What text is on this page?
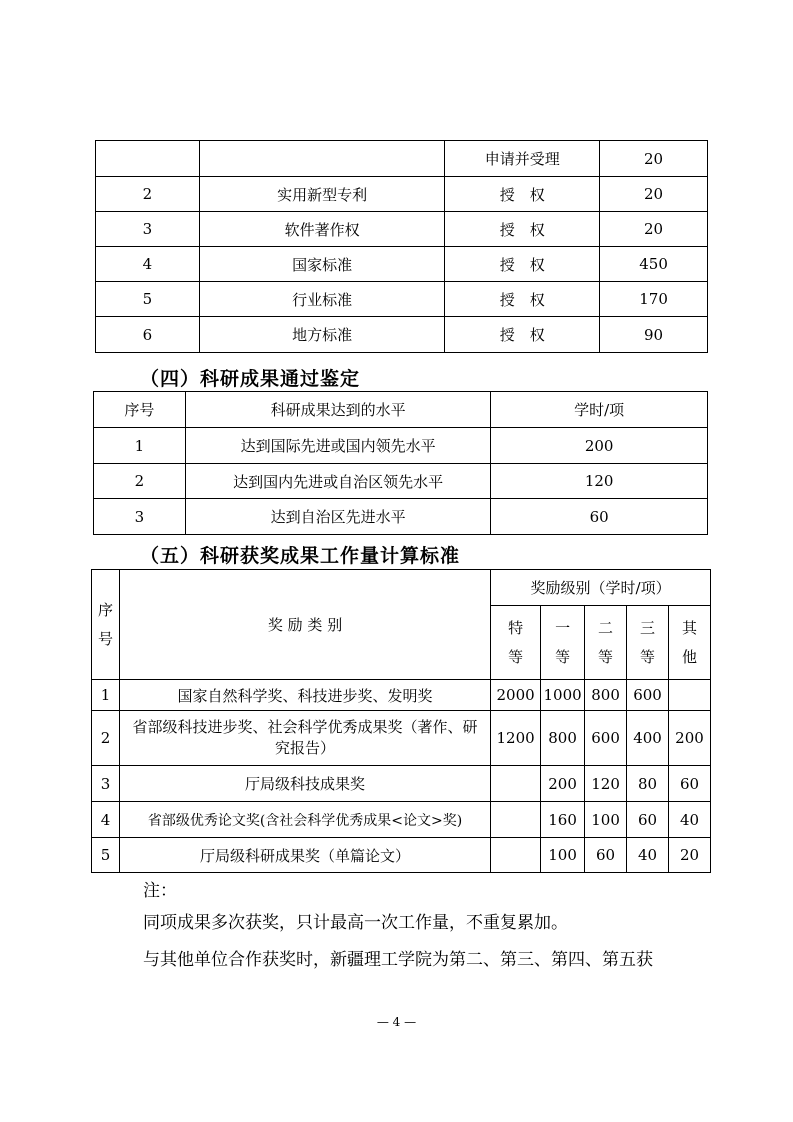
		申请并受理	20
2	实用新型专利	授　权	20
3	软件著作权	授　权	20
4	国家标准	授　权	450
5	行业标准	授　权	170
6	地方标准	授　权	90
（四）科研成果通过鉴定
序号	科研成果达到的水平	学时/项
1	达到国际先进或国内领先水平	200
2	达到国内先进或自治区领先水平	120
3	达到自治区先进水平	60
（五）科研获奖成果工作量计算标准
序号	奖 励 类 别	奖励级别（学时/项）				
		特等	一等	二等	三等	其他
1	国家自然科学奖、科技进步奖、发明奖	2000	1000	800	600	
2	省部级科技进步奖、社会科学优秀成果奖（著作、研究报告）	1200	800	600	400	200
3	厅局级科技成果奖		200	120	80	60
4	省部级优秀论文奖(含社会科学优秀成果<论文>奖)		160	100	60	40
5	厅局级科研成果奖（单篇论文）		100	60	40	20
注：
同项成果多次获奖，只计最高一次工作量，不重复累加。
与其他单位合作获奖时，新疆理工学院为第二、第三、第四、第五获
— 4 —
